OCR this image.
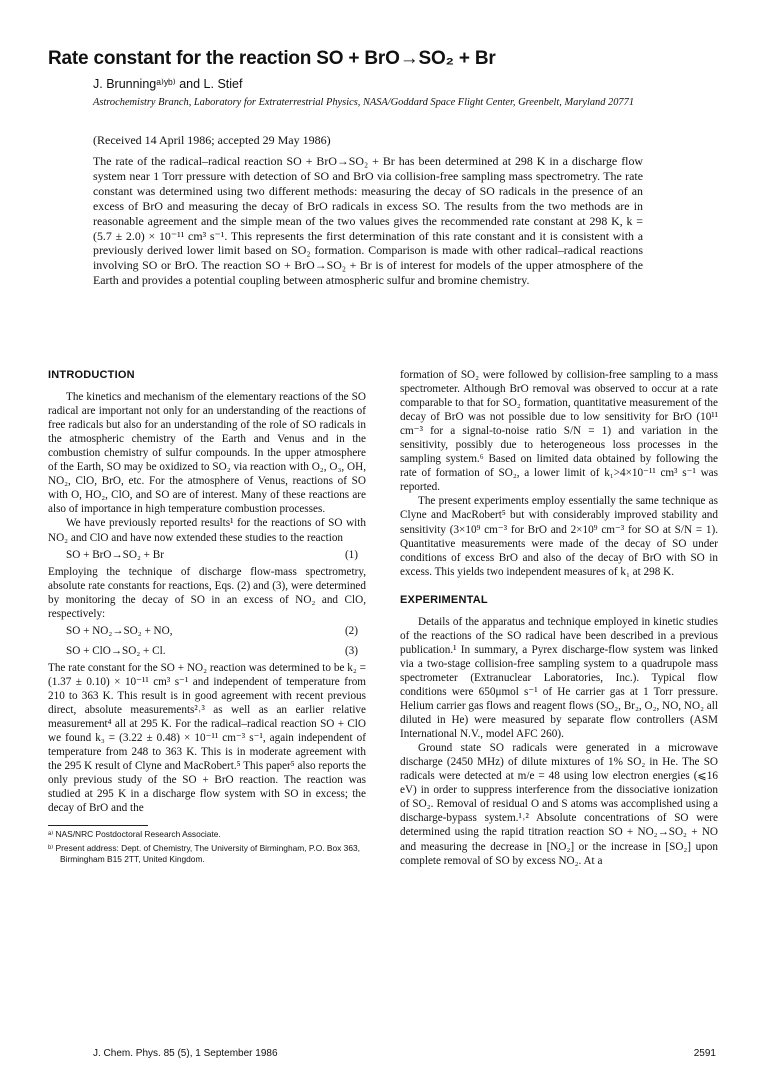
Rate constant for the reaction SO + BrO→SO₂ + Br
J. Brunningᵃ⁾ʸᵇ⁾ and L. Stief
Astrochemistry Branch, Laboratory for Extraterrestrial Physics, NASA/Goddard Space Flight Center, Greenbelt, Maryland 20771
(Received 14 April 1986; accepted 29 May 1986)
The rate of the radical–radical reaction SO + BrO→SO₂ + Br has been determined at 298 K in a discharge flow system near 1 Torr pressure with detection of SO and BrO via collision-free sampling mass spectrometry. The rate constant was determined using two different methods: measuring the decay of SO radicals in the presence of an excess of BrO and measuring the decay of BrO radicals in excess SO. The results from the two methods are in reasonable agreement and the simple mean of the two values gives the recommended rate constant at 298 K, k = (5.7 ± 2.0) × 10⁻¹¹ cm³ s⁻¹. This represents the first determination of this rate constant and it is consistent with a previously derived lower limit based on SO₂ formation. Comparison is made with other radical–radical reactions involving SO or BrO. The reaction SO + BrO→SO₂ + Br is of interest for models of the upper atmosphere of the Earth and provides a potential coupling between atmospheric sulfur and bromine chemistry.
INTRODUCTION

The kinetics and mechanism of the elementary reactions of the SO radical are important not only for an understanding of the reactions of free radicals but also for an understanding of the role of SO radicals in the atmospheric chemistry of the Earth and Venus and in the combustion chemistry of sulfur compounds. In the upper atmosphere of the Earth, SO may be oxidized to SO₂ via reaction with O₂, O₃, OH, NO₂, ClO, BrO, etc. For the atmosphere of Venus, reactions of SO with O, HO₂, ClO, and SO are of interest. Many of these reactions are also of importance in high temperature combustion processes.

We have previously reported results¹ for the reactions of SO with NO₂ and ClO and have now extended these studies to the reaction

SO + BrO→SO₂ + Br	(1)

Employing the technique of discharge flow-mass spectrometry, absolute rate constants for reactions, Eqs. (2) and (3), were determined by monitoring the decay of SO in an excess of NO₂ and ClO, respectively:

SO + NO₂→SO₂ + NO,	(2)
SO + ClO→SO₂ + Cl.	(3)

The rate constant for the SO + NO₂ reaction was determined to be k₂ = (1.37 ± 0.10) × 10⁻¹¹ cm³ s⁻¹ and independent of temperature from 210 to 363 K. This result is in good agreement with recent previous direct, absolute measurements²˒³ as well as an earlier relative measurement⁴ all at 295 K. For the radical–radical reaction SO + ClO we found k₃ = (3.22 ± 0.48) × 10⁻¹¹ cm⁻³ s⁻¹, again independent of temperature from 248 to 363 K. This is in moderate agreement with the 295 K result of Clyne and MacRobert.⁵ This paper⁵ also reports the only previous study of the SO + BrO reaction. The reaction was studied at 295 K in a discharge flow system with SO in excess; the decay of BrO and the

ᵃ⁾ NAS/NRC Postdoctoral Research Associate.
ᵇ⁾ Present address: Dept. of Chemistry, The University of Birmingham, P.O. Box 363, Birmingham B15 2TT, United Kingdom.

formation of SO₂ were followed by collision-free sampling to a mass spectrometer. Although BrO removal was observed to occur at a rate comparable to that for SO₂ formation, quantitative measurement of the decay of BrO was not possible due to low sensitivity for BrO (10¹¹ cm⁻³ for a signal-to-noise ratio S/N = 1) and variation in the sensitivity, possibly due to heterogeneous loss processes in the sampling system.⁶ Based on limited data obtained by following the rate of formation of SO₂, a lower limit of k₁>4×10⁻¹¹ cm³ s⁻¹ was reported.

The present experiments employ essentially the same technique as Clyne and MacRobert⁵ but with considerably improved stability and sensitivity (3×10⁹ cm⁻³ for BrO and 2×10⁹ cm⁻³ for SO at S/N = 1). Quantitative measurements were made of the decay of SO under conditions of excess BrO and also of the decay of BrO with SO in excess. This yields two independent measures of k₁ at 298 K.

EXPERIMENTAL

Details of the apparatus and technique employed in kinetic studies of the reactions of the SO radical have been described in a previous publication.¹ In summary, a Pyrex discharge-flow system was linked via a two-stage collision-free sampling system to a quadrupole mass spectrometer (Extranuclear Laboratories, Inc.). Typical flow conditions were 650μmol s⁻¹ of He carrier gas at 1 Torr pressure. Helium carrier gas flows and reagent flows (SO₂, Br₂, O₂, NO, NO₂ all diluted in He) were measured by separate flow controllers (ASM International N.V., model AFC 260).

Ground state SO radicals were generated in a microwave discharge (2450 MHz) of dilute mixtures of 1% SO₂ in He. The SO radicals were detected at m/e = 48 using low electron energies (⩽16 eV) in order to suppress interference from the dissociative ionization of SO₂. Removal of residual O and S atoms was accomplished using a discharge-bypass system.¹˒² Absolute concentrations of SO were determined using the rapid titration reaction SO + NO₂→SO₂ + NO and measuring the decrease in [NO₂] or the increase in [SO₂] upon complete removal of SO by excess NO₂. At a

J. Chem. Phys. 85 (5), 1 September 1986	2591
